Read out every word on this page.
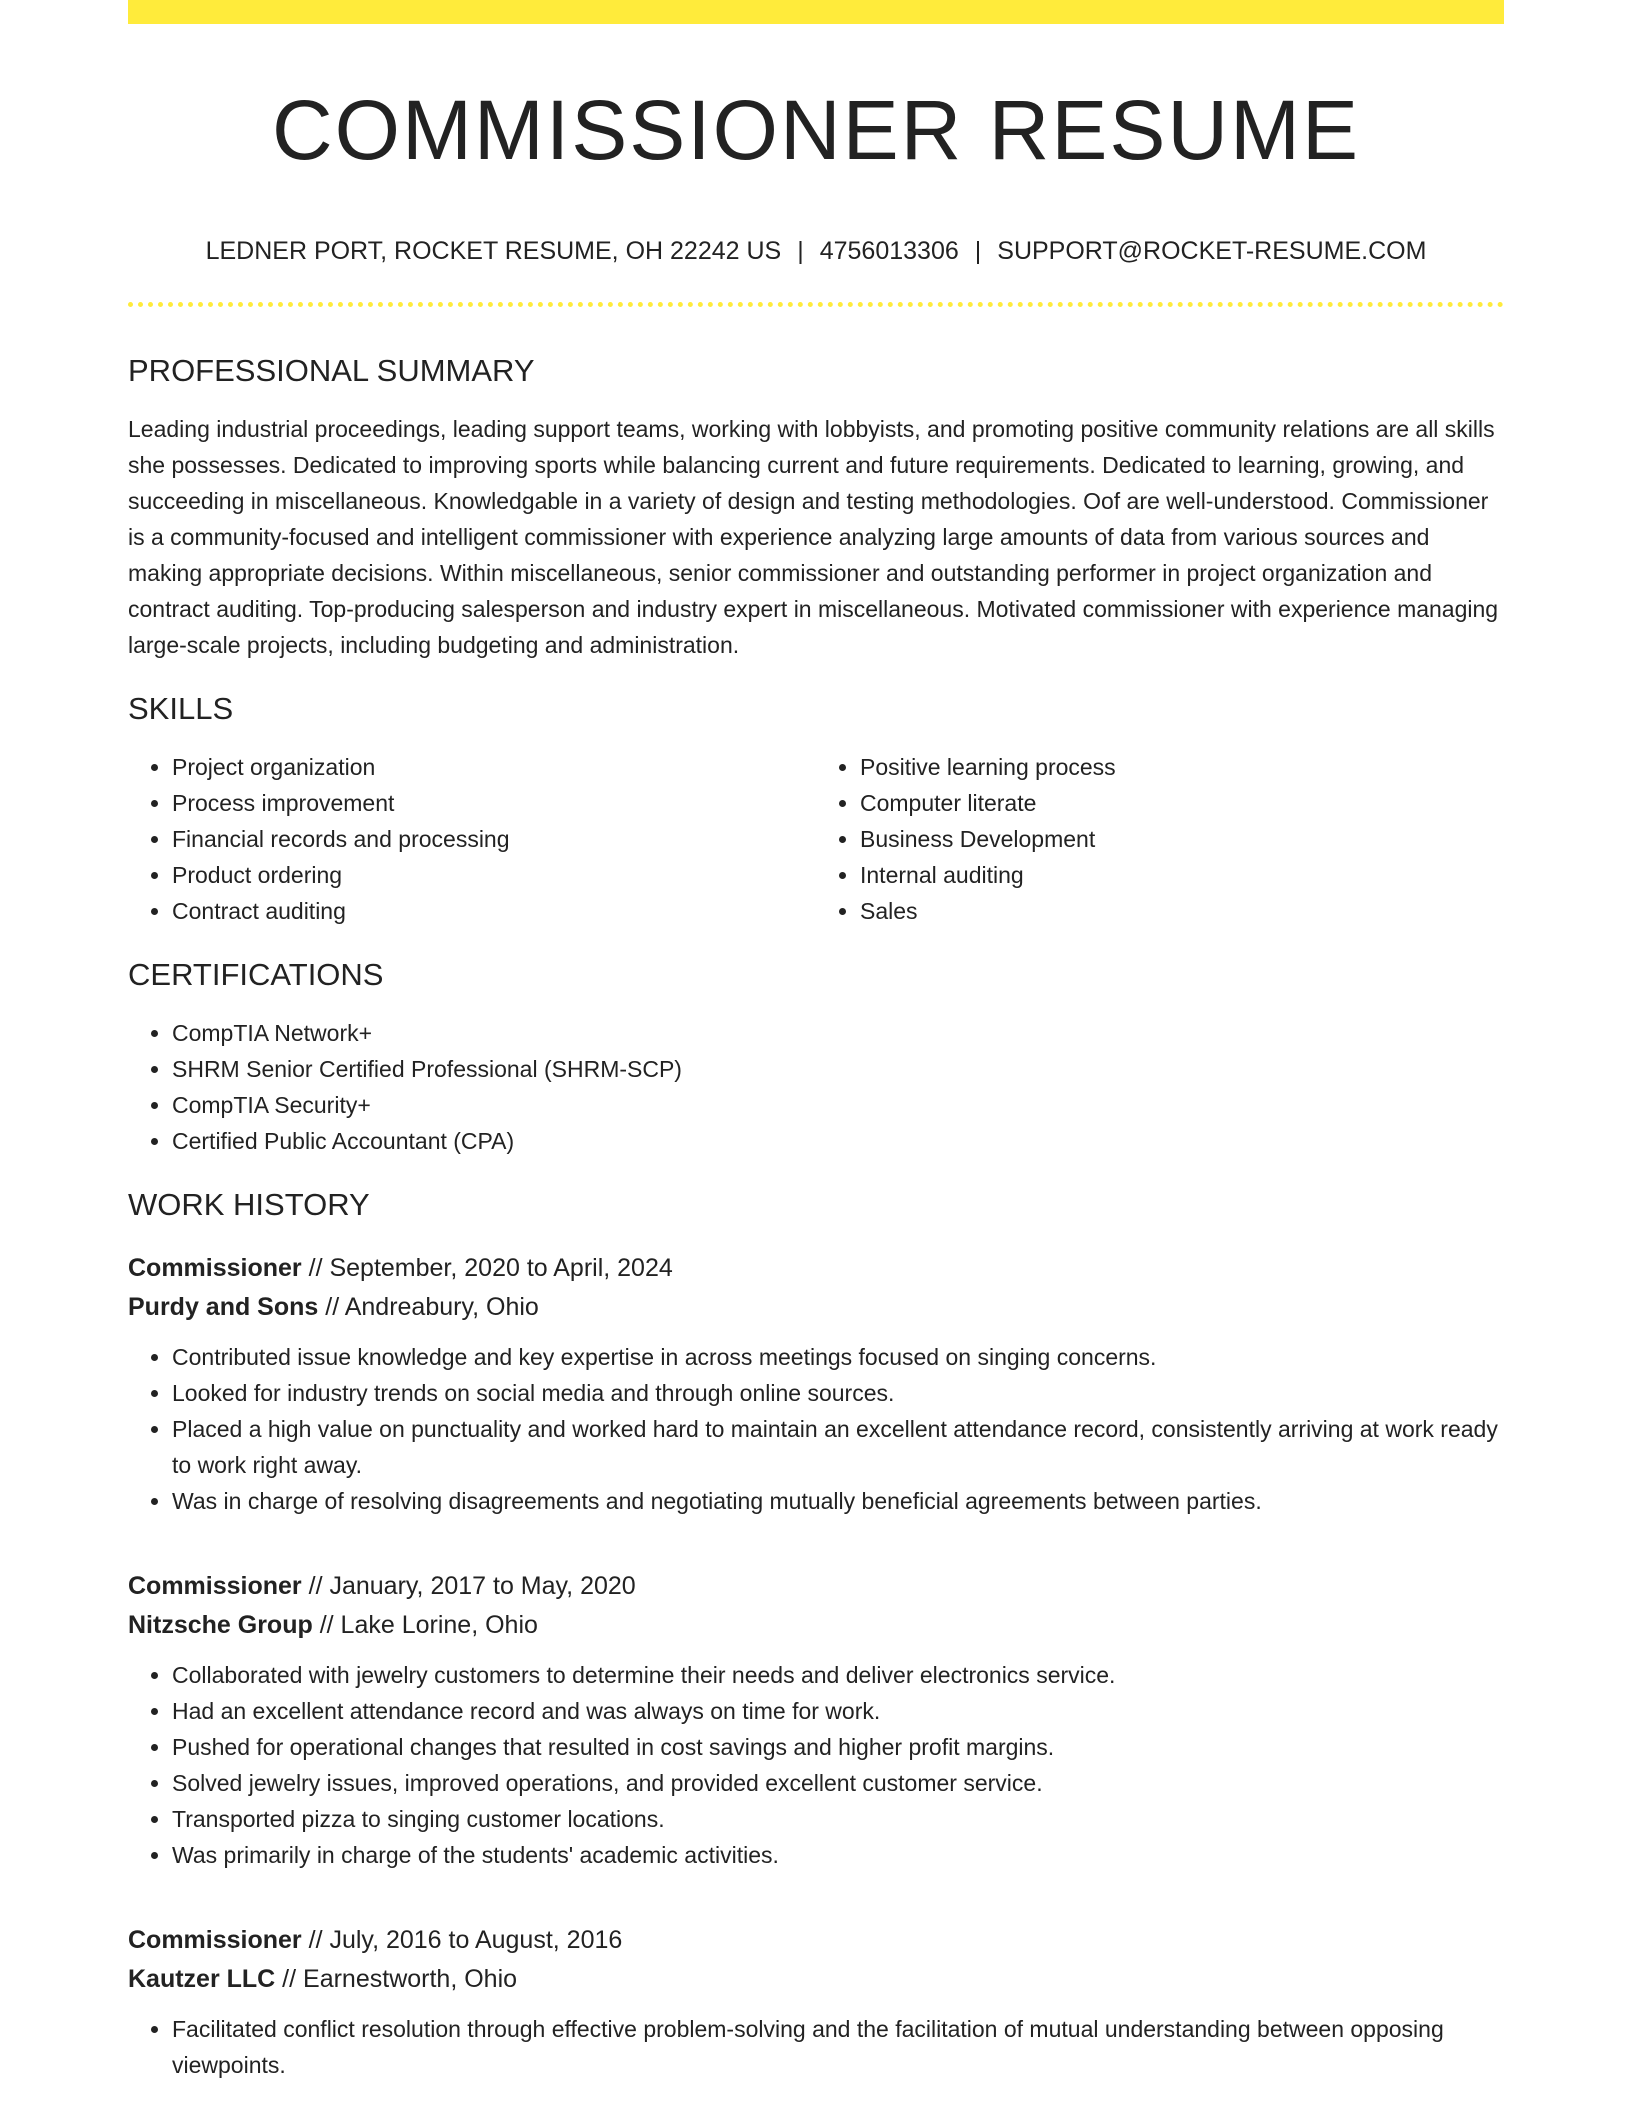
COMMISSIONER RESUME
LEDNER PORT, ROCKET RESUME, OH 22242 US | 4756013306 | SUPPORT@ROCKET-RESUME.COM
PROFESSIONAL SUMMARY

Leading industrial proceedings, leading support teams, working with lobbyists, and promoting positive community relations are all skills she possesses. Dedicated to improving sports while balancing current and future requirements. Dedicated to learning, growing, and succeeding in miscellaneous. Knowledgable in a variety of design and testing methodologies. Oof are well-understood. Commissioner is a community-focused and intelligent commissioner with experience analyzing large amounts of data from various sources and making appropriate decisions. Within miscellaneous, senior commissioner and outstanding performer in project organization and contract auditing. Top-producing salesperson and industry expert in miscellaneous. Motivated commissioner with experience managing large-scale projects, including budgeting and administration.

SKILLS
• Project organization
• Process improvement
• Financial records and processing
• Product ordering
• Contract auditing
• Positive learning process
• Computer literate
• Business Development
• Internal auditing
• Sales
CERTIFICATIONS
• CompTIA Network+
• SHRM Senior Certified Professional (SHRM-SCP)
• CompTIA Security+
• Certified Public Accountant (CPA)
WORK HISTORY
Commissioner // September, 2020 to April, 2024
Purdy and Sons // Andreabury, Ohio
• Contributed issue knowledge and key expertise in across meetings focused on singing concerns.
• Looked for industry trends on social media and through online sources.
• Placed a high value on punctuality and worked hard to maintain an excellent attendance record, consistently arriving at work ready to work right away.
• Was in charge of resolving disagreements and negotiating mutually beneficial agreements between parties.
Commissioner // January, 2017 to May, 2020
Nitzsche Group // Lake Lorine, Ohio
• Collaborated with jewelry customers to determine their needs and deliver electronics service.
• Had an excellent attendance record and was always on time for work.
• Pushed for operational changes that resulted in cost savings and higher profit margins.
• Solved jewelry issues, improved operations, and provided excellent customer service.
• Transported pizza to singing customer locations.
• Was primarily in charge of the students' academic activities.
Commissioner // July, 2016 to August, 2016
Kautzer LLC // Earnestworth, Ohio
• Facilitated conflict resolution through effective problem-solving and the facilitation of mutual understanding between opposing viewpoints.
